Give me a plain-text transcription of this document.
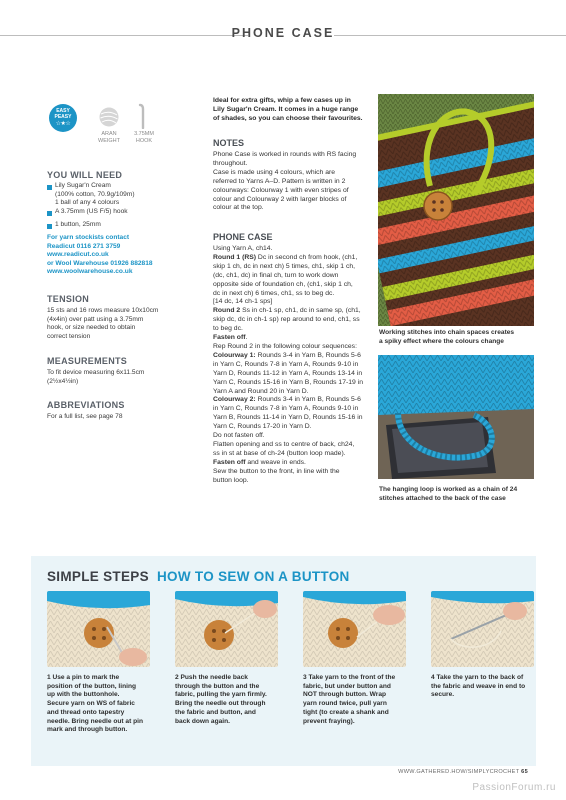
PHONE CASE
EASY
PEASY
☆★☆
ARAN
WEIGHT
3.75MM
HOOK
YOU WILL NEED
Lily Sugar'n Cream
(100% cotton, 70.9g/109m)
1 ball of any 4 colours
A 3.75mm (US F/5) hook
1 button, 25mm
For yarn stockists contact
Readicut 0116 271 3759
www.readicut.co.uk
or Wool Warehouse 01926 882818
www.woolwarehouse.co.uk
TENSION
15 sts and 16 rows measure 10x10cm
(4x4in) over patt using a 3.75mm
hook, or size needed to obtain
correct tension
MEASUREMENTS
To fit device measuring 6x11.5cm
(2½x4½in)
ABBREVIATIONS
For a full list, see page 78
Ideal for extra gifts, whip a few cases up in
Lily Sugar'n Cream. It comes in a huge range
of shades, so you can choose their favourites.
NOTES
Phone Case is worked in rounds with RS facing
throughout.
Case is made using 4 colours, which are
referred to Yarns A–D. Pattern is written in 2
colourways: Colourway 1 with even stripes of
colour and Colourway 2 with larger blocks of
colour at the top.
PHONE CASE
Using Yarn A, ch14.
Round 1 (RS) Dc in second ch from hook, (ch1,
skip 1 ch, dc in next ch) 5 times, ch1, skip 1 ch,
(dc, ch1, dc) in final ch, turn to work down
opposite side of foundation ch, (ch1, skip 1 ch,
dc in next ch) 6 times, ch1, ss to beg dc.
[14 dc, 14 ch-1 sps]
Round 2 Ss in ch-1 sp, ch1, dc in same sp, (ch1,
skip dc, dc in ch-1 sp) rep around to end, ch1, ss
to beg dc.
Fasten off.
Rep Round 2 in the following colour sequences:
Colourway 1: Rounds 3-4 in Yarn B, Rounds 5-6
in Yarn C, Rounds 7-8 in Yarn A, Rounds 9-10 in
Yarn D, Rounds 11-12 in Yarn A, Rounds 13-14 in
Yarn C, Rounds 15-16 in Yarn B, Rounds 17-19 in
Yarn A and Round 20 in Yarn D.
Colourway 2: Rounds 3-4 in Yarn B, Rounds 5-6
in Yarn C, Rounds 7-8 in Yarn A, Rounds 9-10 in
Yarn B, Rounds 11-14 in Yarn D, Rounds 15-16 in
Yarn C, Rounds 17-20 in Yarn D.
Do not fasten off.
Flatten opening and ss to centre of back, ch24,
ss in st at base of ch-24 (button loop made).
Fasten off and weave in ends.
Sew the button to the front, in line with the
button loop.
Working stitches into chain spaces creates
a spiky effect where the colours change
The hanging loop is worked as a chain of 24
stitches attached to the back of the case
SIMPLE STEPS HOW TO SEW ON A BUTTON
1 Use a pin to mark the
position of the button, lining
up with the buttonhole.
Secure yarn on WS of fabric
and thread onto tapestry
needle. Bring needle out at pin
mark and through button.
2 Push the needle back
through the button and the
fabric, pulling the yarn firmly.
Bring the needle out through
the fabric and button, and
back down again.
3 Take yarn to the front of the
fabric, but under button and
NOT through button. Wrap
yarn round twice, pull yarn
tight (to create a shank and
prevent fraying).
4 Take the yarn to the back of
the fabric and weave in end to
secure.
WWW.GATHERED.HOW/SIMPLYCROCHET 65
PassionForum.ru
